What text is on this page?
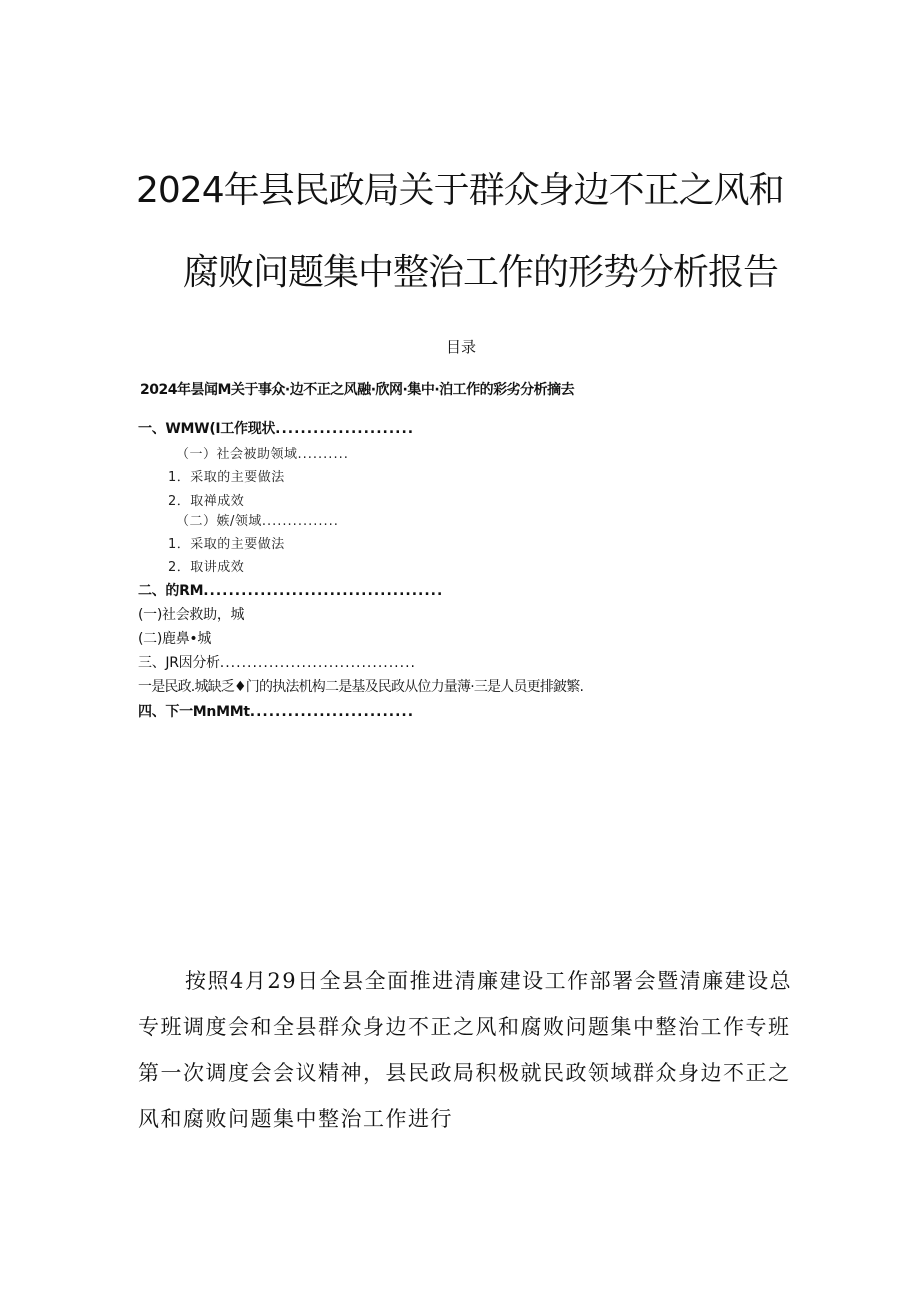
2024年县民政局关于群众身边不正之风和
腐败问题集中整治工作的形势分析报告
目录
2024年昙闻M关于事众·边不正之风融·欣网·集中·泊工作的彩劣分析摘去
一、WMW(I工作现状......................
（一）社会被助领域..........
1．采取的主要做法
2．取禅成效
（二）嫉/领域...............
1．采取的主要做法
2．取讲成效
二、的RM......................................
(一)社会救助，城
(二)鹿鼻•城
三、JR因分析....................................
一是民政.城缺乏♦门的执法机构二是基及民政从位力量薄·三是人员更排鈹繁.
四、下一MnMMt..........................

按照4月29日全县全面推进清廉建设工作部署会暨清廉建设总专班调度会和全县群众身边不正之风和腐败问题集中整治工作专班第一次调度会会议精神，县民政局积极就民政领域群众身边不正之风和腐败问题集中整治工作进行
